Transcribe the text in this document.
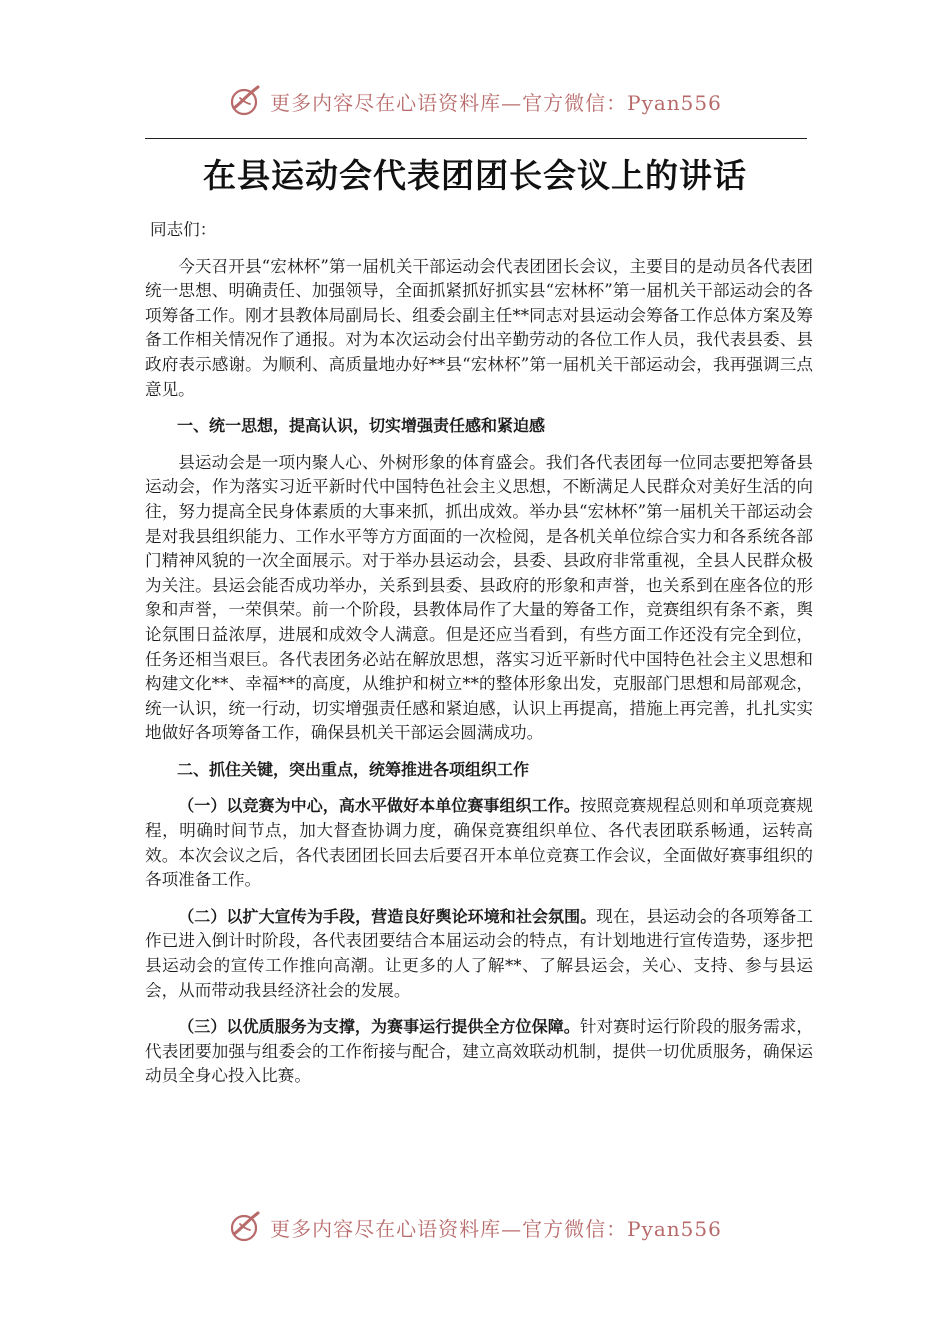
更多内容尽在心语资料库—官方微信：Pyan556
在县运动会代表团团长会议上的讲话

同志们：

今天召开县“宏林杯”第一届机关干部运动会代表团团长会议，主要目的是动员各代表团统一思想、明确责任、加强领导，全面抓紧抓好抓实县“宏林杯”第一届机关干部运动会的各项筹备工作。刚才县教体局副局长、组委会副主任**同志对县运动会筹备工作总体方案及筹备工作相关情况作了通报。对为本次运动会付出辛勤劳动的各位工作人员，我代表县委、县政府表示感谢。为顺利、高质量地办好**县“宏林杯”第一届机关干部运动会，我再强调三点意见。

一、统一思想，提高认识，切实增强责任感和紧迫感

县运动会是一项内聚人心、外树形象的体育盛会。我们各代表团每一位同志要把筹备县运动会，作为落实习近平新时代中国特色社会主义思想，不断满足人民群众对美好生活的向往，努力提高全民身体素质的大事来抓，抓出成效。举办县“宏林杯”第一届机关干部运动会是对我县组织能力、工作水平等方方面面的一次检阅，是各机关单位综合实力和各系统各部门精神风貌的一次全面展示。对于举办县运动会，县委、县政府非常重视，全县人民群众极为关注。县运会能否成功举办，关系到县委、县政府的形象和声誉，也关系到在座各位的形象和声誉，一荣俱荣。前一个阶段，县教体局作了大量的筹备工作，竞赛组织有条不紊，舆论氛围日益浓厚，进展和成效令人满意。但是还应当看到，有些方面工作还没有完全到位，任务还相当艰巨。各代表团务必站在解放思想，落实习近平新时代中国特色社会主义思想和构建文化**、幸福**的高度，从维护和树立**的整体形象出发，克服部门思想和局部观念，统一认识，统一行动，切实增强责任感和紧迫感，认识上再提高，措施上再完善，扎扎实实地做好各项筹备工作，确保县机关干部运会圆满成功。

二、抓住关键，突出重点，统筹推进各项组织工作

（一）以竞赛为中心，高水平做好本单位赛事组织工作。按照竞赛规程总则和单项竞赛规程，明确时间节点，加大督查协调力度，确保竞赛组织单位、各代表团联系畅通，运转高效。本次会议之后，各代表团团长回去后要召开本单位竞赛工作会议，全面做好赛事组织的各项准备工作。

（二）以扩大宣传为手段，营造良好舆论环境和社会氛围。现在，县运动会的各项筹备工作已进入倒计时阶段，各代表团要结合本届运动会的特点，有计划地进行宣传造势，逐步把县运动会的宣传工作推向高潮。让更多的人了解**、了解县运会，关心、支持、参与县运会，从而带动我县经济社会的发展。

（三）以优质服务为支撑，为赛事运行提供全方位保障。针对赛时运行阶段的服务需求，代表团要加强与组委会的工作衔接与配合，建立高效联动机制，提供一切优质服务，确保运动员全身心投入比赛。

更多内容尽在心语资料库—官方微信：Pyan556
